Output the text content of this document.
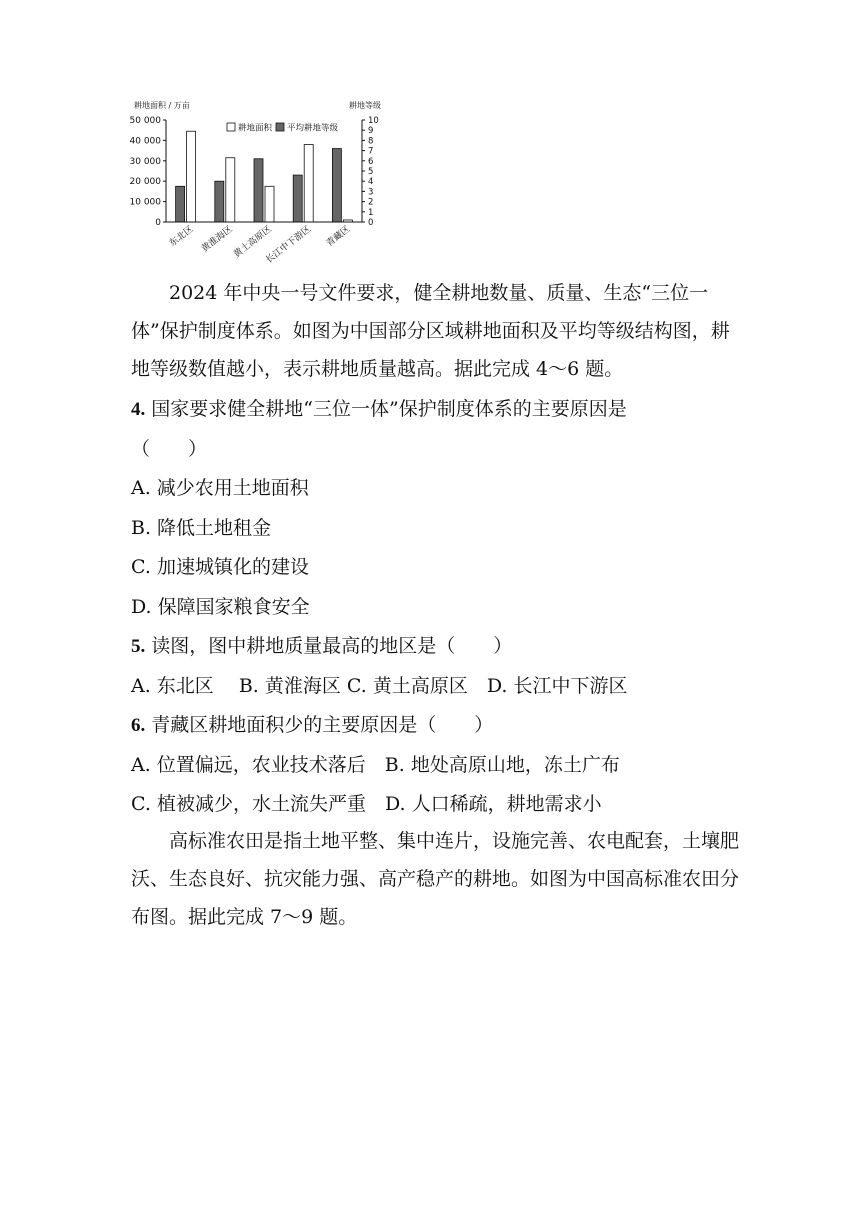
耕地面积 / 万亩	耕地等级
50 000
40 000
30 000
20 000
10 000
0
10
9
8
7
6
5
4
3
2
1
0
东北区 黄淮海区
黄土高原区
长江中下游区 青藏区
耕地面积 平均耕地等级

2024 年中央一号文件要求，健全耕地数量、质量、生态“三位一体”保护制度体系。如图为中国部分区域耕地面积及平均等级结构图，耕地等级数值越小，表示耕地质量越高。据此完成 4～6 题。

4. 国家要求健全耕地“三位一体”保护制度体系的主要原因是

（　　）

A. 减少农用土地面积

B. 降低土地租金

C. 加速城镇化的建设

D. 保障国家粮食安全

5. 读图，图中耕地质量最高的地区是（　　）

A. 东北区　 B. 黄淮海区 C. 黄土高原区　D. 长江中下游区

6. 青藏区耕地面积少的主要原因是（　　）

A. 位置偏远，农业技术落后　B. 地处高原山地，冻土广布

C. 植被减少，水土流失严重　D. 人口稀疏，耕地需求小

高标准农田是指土地平整、集中连片，设施完善、农电配套，土壤肥沃、生态良好、抗灾能力强、高产稳产的耕地。如图为中国高标准农田分布图。据此完成 7～9 题。
